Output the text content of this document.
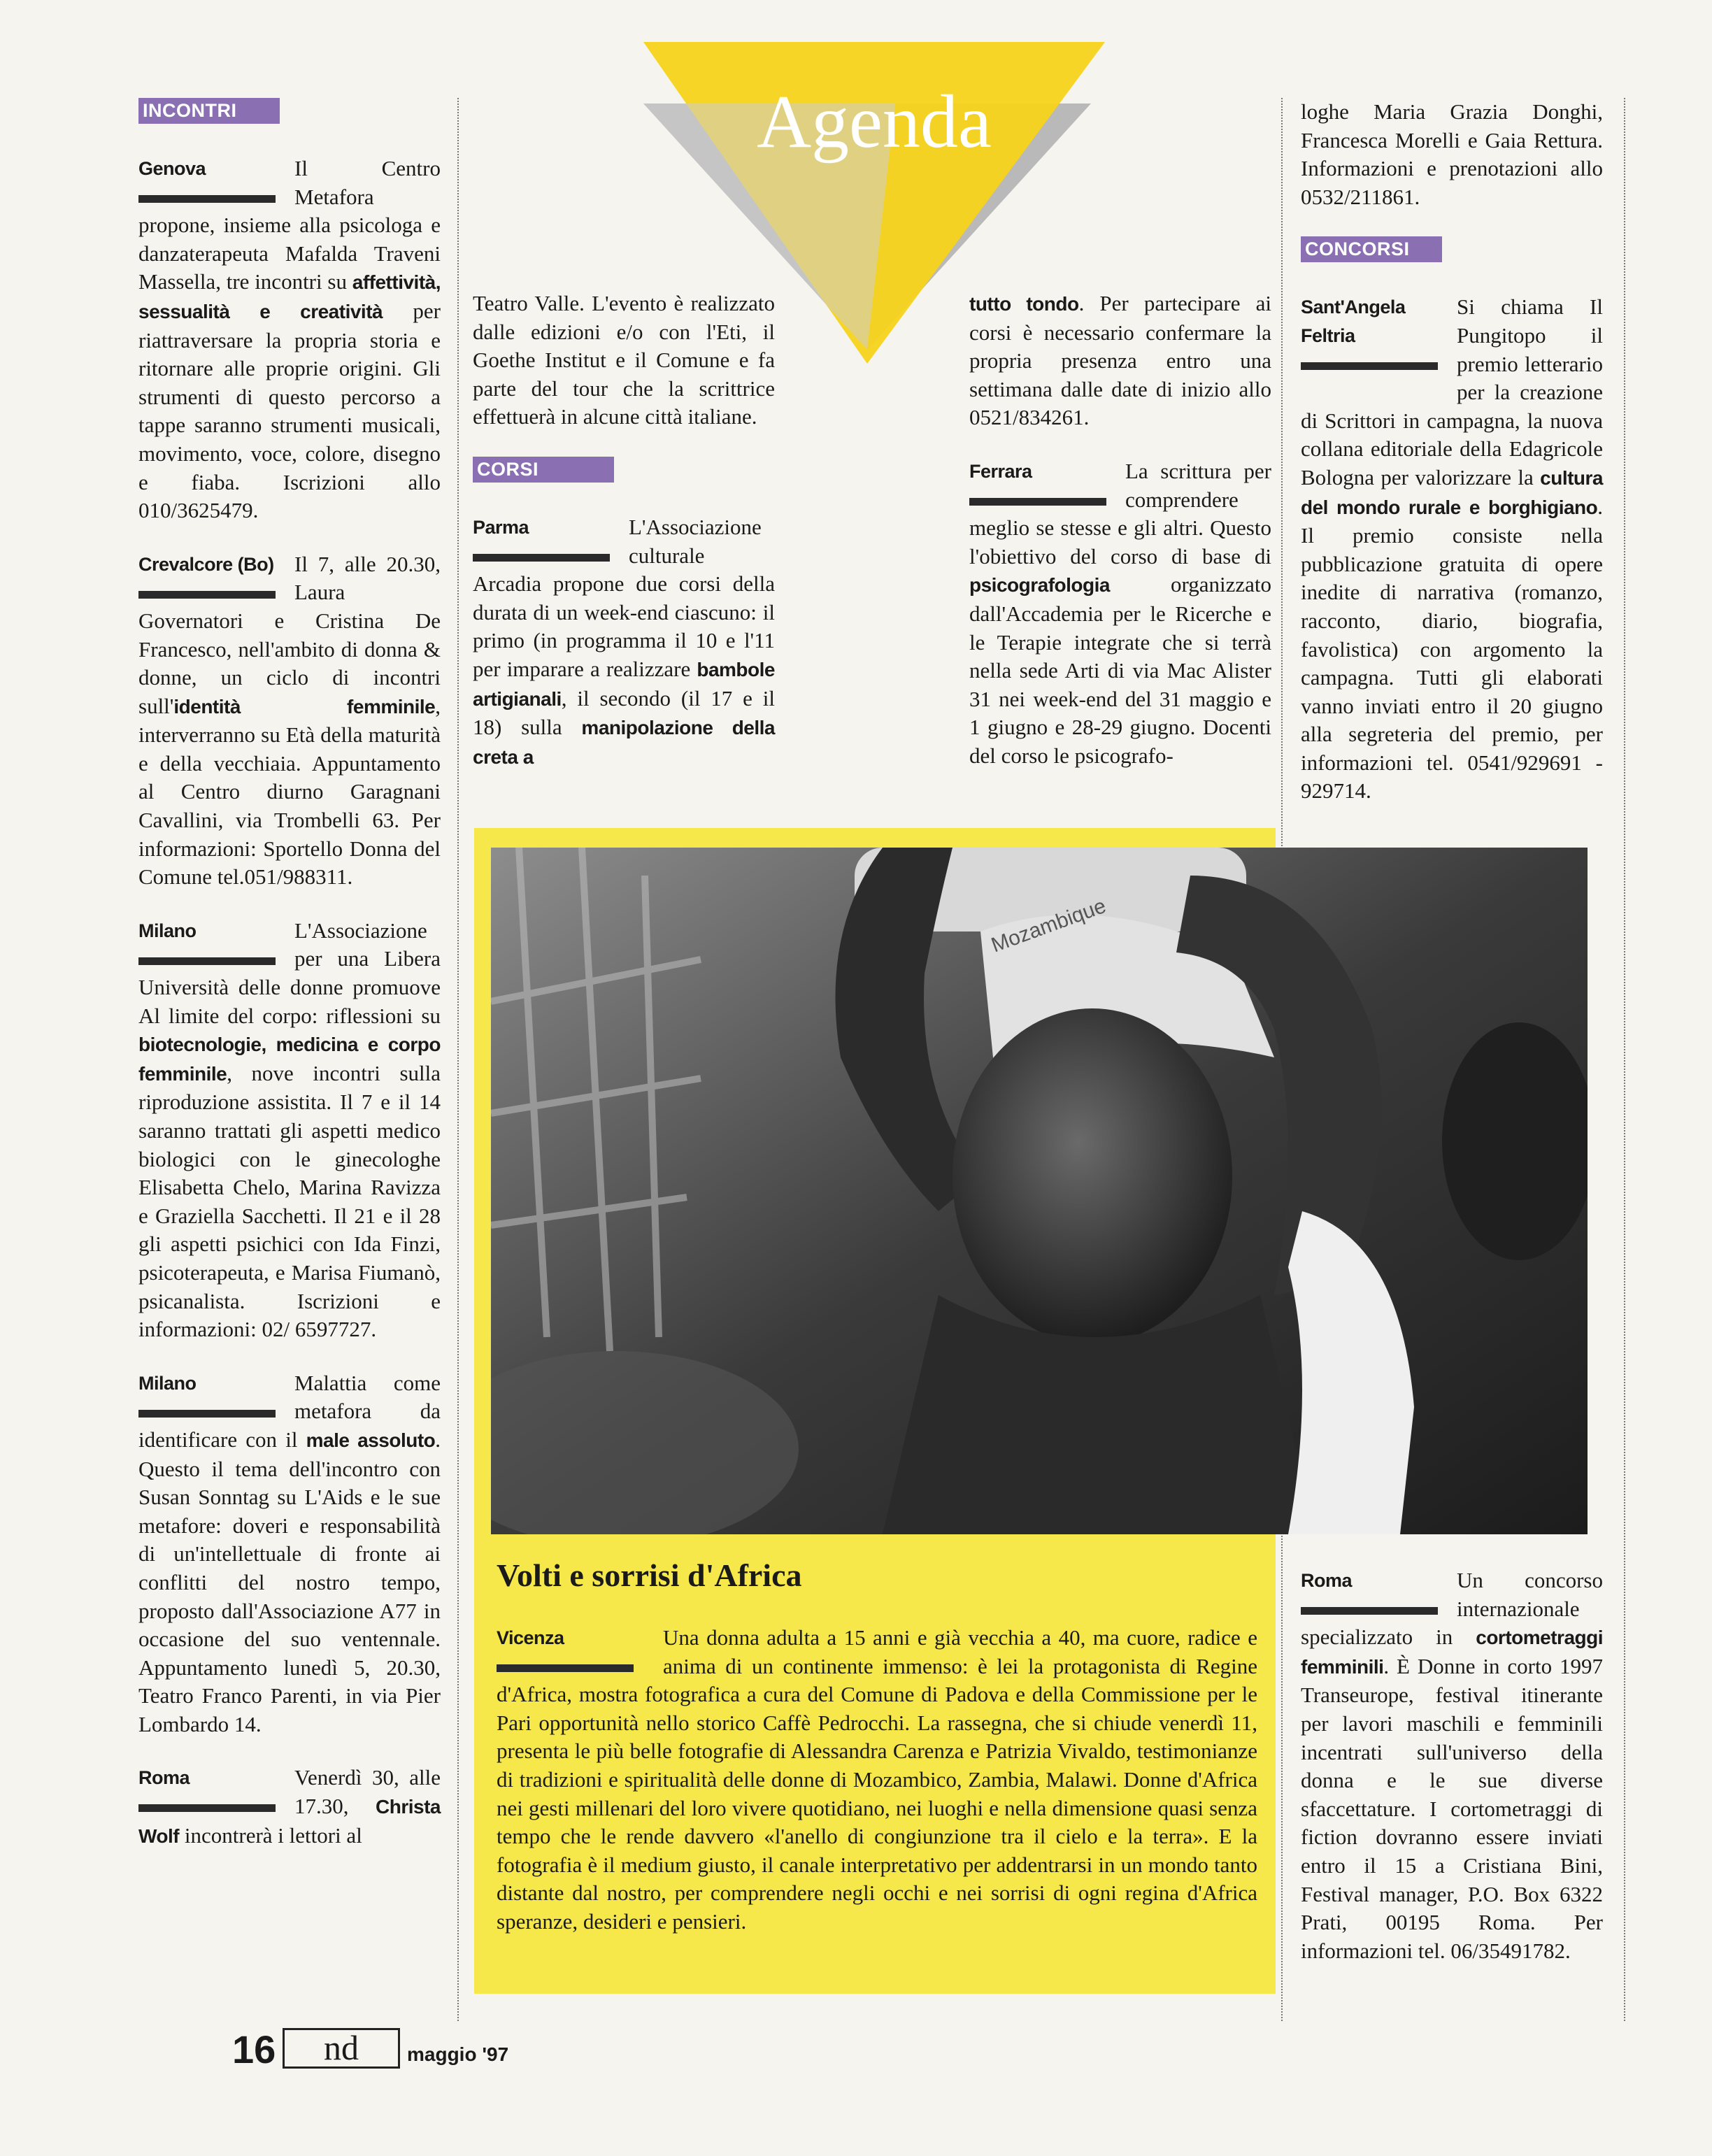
Agenda
INCONTRI

Genova	Il Centro Metafora propone, insieme alla psicologa e danzaterapeuta Mafalda Traveni Massella, tre incontri su affettività, sessualità e creatività per riattraversare la propria storia e ritornare alle proprie origini. Gli strumenti di questo percorso a tappe saranno strumenti musicali, movimento, voce, colore, disegno e fiaba. Iscrizioni allo 010/3625479.

Crevalcore (Bo) Il 7, alle 20.30, Laura Governatori e Cristina De Francesco, nell'ambito di donna & donne, un ciclo di incontri sull'identità femminile, interverranno su Età della maturità e della vecchiaia. Appuntamento al Centro diurno Garagnani Cavallini, via Trombelli 63. Per informazioni: Sportello Donna del Comune tel.051/988311.

Milano	L'Associazione per una Libera Università delle donne promuove Al limite del corpo: riflessioni su biotecnologie, medicina e corpo femminile, nove incontri sulla riproduzione assistita. Il 7 e il 14 saranno trattati gli aspetti medico biologici con le ginecologhe Elisabetta Chelo, Marina Ravizza e Graziella Sacchetti. Il 21 e il 28 gli aspetti psichici con Ida Finzi, psicoterapeuta, e Marisa Fiumanò, psicanalista. Iscrizioni e informazioni: 02/ 6597727.

Milano	Malattia come metafora da identificare con il male assoluto. Questo il tema dell'incontro con Susan Sonntag su L'Aids e le sue metafore: doveri e responsabilità di un'intellettuale di fronte ai conflitti del nostro tempo, proposto dall'Associazione A77 in occasione del suo ventennale. Appuntamento lunedì 5, 20.30, Teatro Franco Parenti, in via Pier Lombardo 14.

Roma	Venerdì 30, alle 17.30, Christa Wolf incontrerà i lettori al

Teatro Valle. L'evento è realizzato dalle edizioni e/o con l'Eti, il Goethe Institut e il Comune e fa parte del tour che la scrittrice effettuerà in alcune città italiane.

CORSI

Parma	L'Associazione culturale Arcadia propone due corsi della durata di un week-end ciascuno: il primo (in programma il 10 e l'11 per imparare a realizzare bambole artigianali, il secondo (il 17 e il 18) sulla manipolazione della creta a

tutto tondo. Per partecipare ai corsi è necessario confermare la propria presenza entro una settimana dalle date di inizio allo 0521/834261.

Ferrara	La scrittura per comprendere meglio se stesse e gli altri. Questo l'obiettivo del corso di base di psicografologia organizzato dall'Accademia per le Ricerche e le Terapie integrate che si terrà nella sede Arti di via Mac Alister 31 nei week-end del 31 maggio e 1 giugno e 28-29 giugno. Docenti del corso le psicografo-

loghe Maria Grazia Donghi, Francesca Morelli e Gaia Rettura. Informazioni e prenotazioni allo 0532/211861.

CONCORSI

Sant'Angela Feltria
Si chiama Il Pungitopo il premio letterario per la creazione di Scrittori in campagna, la nuova collana editoriale della Edagricole Bologna per valorizzare la cultura del mondo rurale e borghigiano. Il premio consiste nella pubblicazione gratuita di opere inedite di narrativa (romanzo, racconto, diario, biografia, favolistica) con argomento la campagna. Tutti gli elaborati vanno inviati entro il 20 giugno alla segreteria del premio, per informazioni tel. 0541/929691 - 929714.

Roma	Un concorso internazionale specializzato in cortometraggi femminili. È Donne in corto 1997 Transeurope, festival itinerante per lavori maschili e femminili incentrati sull'universo della donna e le sue diverse sfaccettature. I cortometraggi di fiction dovranno essere inviati entro il 15 a Cristiana Bini, Festival manager, P.O. Box 6322 Prati, 00195 Roma. Per informazioni tel. 06/35491782.

Mozambique
Volti e sorrisi d'Africa

Vicenza	Una donna adulta a 15 anni e già vecchia a 40, ma cuore, radice e anima di un continente immenso: è lei la protagonista di Regine d'Africa, mostra fotografica a cura del Comune di Padova e della Commissione per le Pari opportunità nello storico Caffè Pedrocchi. La rassegna, che si chiude venerdì 11, presenta le più belle fotografie di Alessandra Carenza e Patrizia Vivaldo, testimonianze di tradizioni e spiritualità delle donne di Mozambico, Zambia, Malawi. Donne d'Africa nei gesti millenari del loro vivere quotidiano, nei luoghi e nella dimensione quasi senza tempo che le rende davvero «l'anello di congiunzione tra il cielo e la terra». E la fotografia è il medium giusto, il canale interpretativo per addentrarsi in un mondo tanto distante dal nostro, per comprendere negli occhi e nei sorrisi di ogni regina d'Africa speranze, desideri e pensieri.

16	nd	maggio '97
